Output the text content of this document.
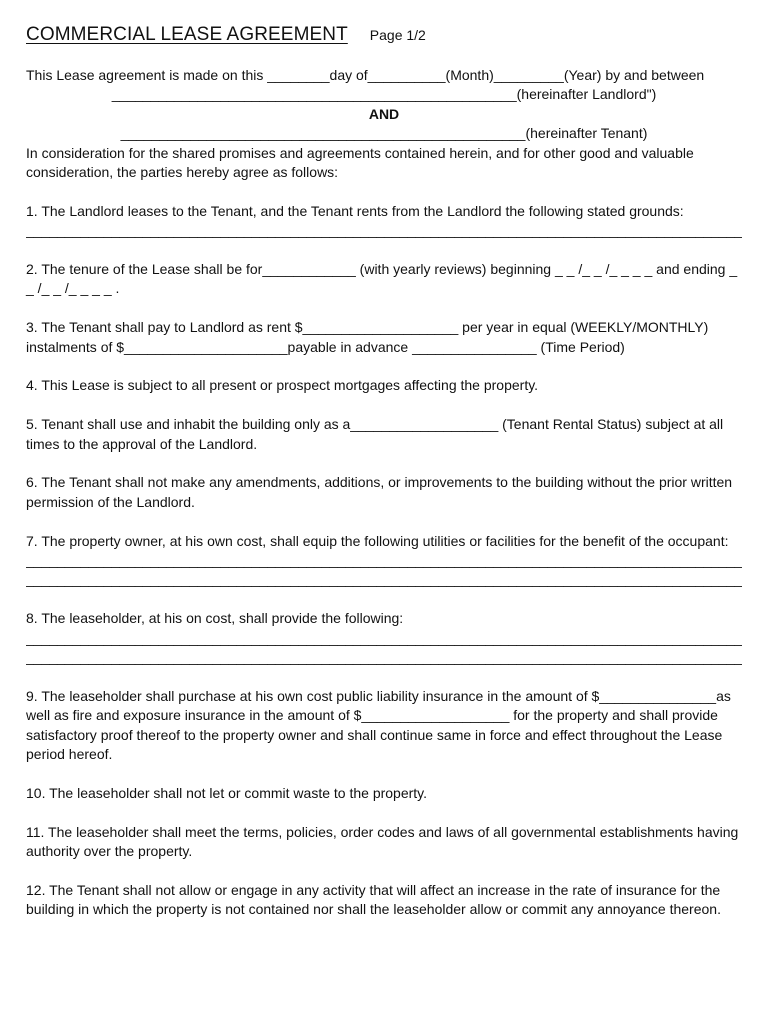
COMMERCIAL LEASE AGREEMENT Page 1/2
This Lease agreement is made on this ________day of__________(Month)_________(Year) by and between
____________________________________________________(hereinafter Landlord")
AND
____________________________________________________(hereinafter Tenant)

In consideration for the shared promises and agreements contained herein, and for other good and valuable consideration, the parties hereby agree as follows:

1. The Landlord leases to the Tenant, and the Tenant rents from the Landlord the following stated grounds:

____________________________________________________________________________________________

2. The tenure of the Lease shall be for____________ (with yearly reviews) beginning _ _ /_ _ /_ _ _ _ and ending _ _ /_ _ /_ _ _ _ .

3. The Tenant shall pay to Landlord as rent $____________________ per year in equal (WEEKLY/MONTHLY) instalments of $_____________________payable in advance ________________ (Time Period)

4. This Lease is subject to all present or prospect mortgages affecting the property.

5. Tenant shall use and inhabit the building only as a___________________ (Tenant Rental Status) subject at all times to the approval of the Landlord.

6. The Tenant shall not make any amendments, additions, or improvements to the building without the prior written permission of the Landlord.

7. The property owner, at his own cost, shall equip the following utilities or facilities for the benefit of the occupant:

____________________________________________________________________________________________
____________________________________________________________________________________________

8. The leaseholder, at his on cost, shall provide the following:

____________________________________________________________________________________________
____________________________________________________________________________________________

9. The leaseholder shall purchase at his own cost public liability insurance in the amount of $_______________as well as fire and exposure insurance in the amount of $___________________ for the property and shall provide satisfactory proof thereof to the property owner and shall continue same in force and effect throughout the Lease period hereof.

10. The leaseholder shall not let or commit waste to the property.

11. The leaseholder shall meet the terms, policies, order codes and laws of all governmental establishments having authority over the property.

12. The Tenant shall not allow or engage in any activity that will affect an increase in the rate of insurance for the building in which the property is not contained nor shall the leaseholder allow or commit any annoyance thereon.
